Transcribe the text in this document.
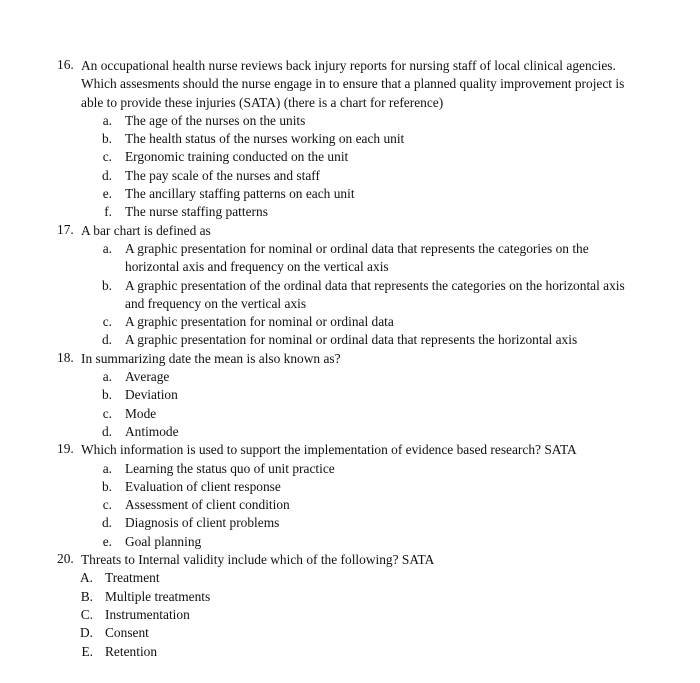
16. An occupational health nurse reviews back injury reports for nursing staff of local clinical agencies. Which assesments should the nurse engage in to ensure that a planned quality improvement project is able to provide these injuries (SATA) (there is a chart for reference)
a. The age of the nurses on the units
b. The health status of the nurses working on each unit
c. Ergonomic training conducted on the unit
d. The pay scale of the nurses and staff
e. The ancillary staffing patterns on each unit
f. The nurse staffing patterns
17. A bar chart is defined as
a. A graphic presentation for nominal or ordinal data that represents the categories on the horizontal axis and frequency on the vertical axis
b. A graphic presentation of the ordinal data that represents the categories on the horizontal axis and frequency on the vertical axis
c. A graphic presentation for nominal or ordinal data
d. A graphic presentation for nominal or ordinal data that represents the horizontal axis
18. In summarizing date the mean is also known as?
a. Average
b. Deviation
c. Mode
d. Antimode
19. Which information is used to support the implementation of evidence based research? SATA
a. Learning the status quo of unit practice
b. Evaluation of client response
c. Assessment of client condition
d. Diagnosis of client problems
e. Goal planning
20. Threats to Internal validity include which of the following? SATA
A. Treatment
B. Multiple treatments
C. Instrumentation
D. Consent
E. Retention
